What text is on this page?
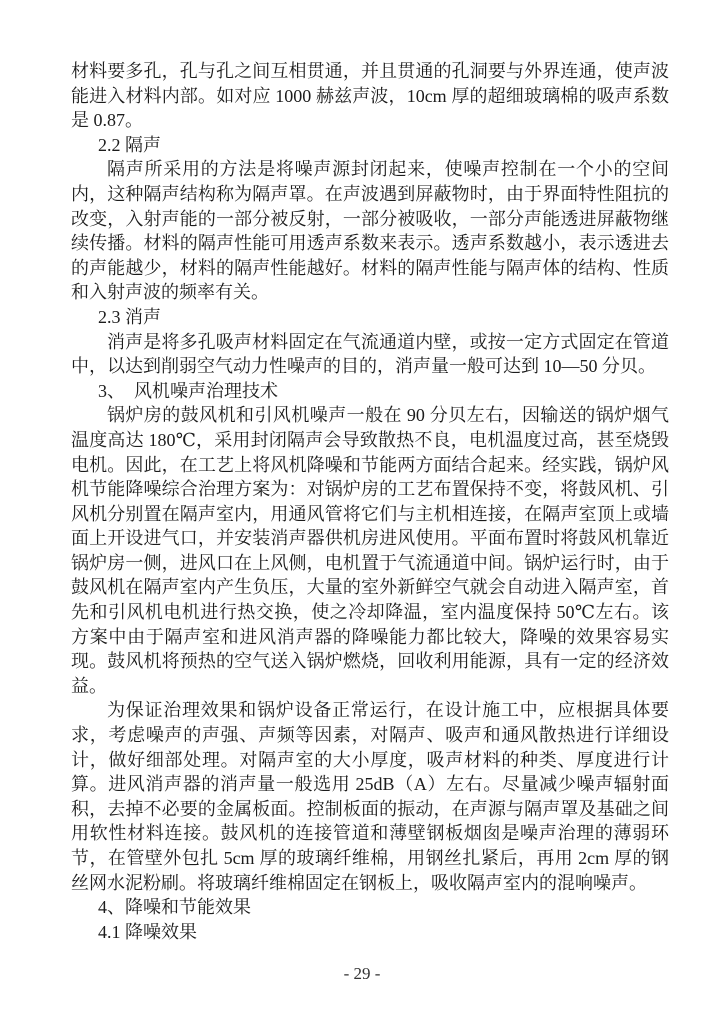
材料要多孔，孔与孔之间互相贯通，并且贯通的孔洞要与外界连通，使声波能进入材料内部。如对应 1000 赫兹声波，10cm 厚的超细玻璃棉的吸声系数是 0.87。
2.2 隔声
隔声所采用的方法是将噪声源封闭起来，使噪声控制在一个小的空间内，这种隔声结构称为隔声罩。在声波遇到屏蔽物时，由于界面特性阻抗的改变，入射声能的一部分被反射，一部分被吸收，一部分声能透进屏蔽物继续传播。材料的隔声性能可用透声系数来表示。透声系数越小，表示透进去的声能越少，材料的隔声性能越好。材料的隔声性能与隔声体的结构、性质和入射声波的频率有关。
2.3 消声
消声是将多孔吸声材料固定在气流通道内壁，或按一定方式固定在管道中，以达到削弱空气动力性噪声的目的，消声量一般可达到 10—50 分贝。
3、　风机噪声治理技术
锅炉房的鼓风机和引风机噪声一般在 90 分贝左右，因输送的锅炉烟气温度高达 180℃，采用封闭隔声会导致散热不良，电机温度过高，甚至烧毁电机。因此，在工艺上将风机降噪和节能两方面结合起来。经实践，锅炉风机节能降噪综合治理方案为：对锅炉房的工艺布置保持不变，将鼓风机、引风机分别置在隔声室内，用通风管将它们与主机相连接，在隔声室顶上或墙面上开设进气口，并安装消声器供机房进风使用。平面布置时将鼓风机靠近锅炉房一侧，进风口在上风侧，电机置于气流通道中间。锅炉运行时，由于鼓风机在隔声室内产生负压，大量的室外新鲜空气就会自动进入隔声室，首先和引风机电机进行热交换，使之冷却降温，室内温度保持 50℃左右。该方案中由于隔声室和进风消声器的降噪能力都比较大，降噪的效果容易实现。鼓风机将预热的空气送入锅炉燃烧，回收利用能源，具有一定的经济效益。
为保证治理效果和锅炉设备正常运行，在设计施工中，应根据具体要求，考虑噪声的声强、声频等因素，对隔声、吸声和通风散热进行详细设计，做好细部处理。对隔声室的大小厚度，吸声材料的种类、厚度进行计算。进风消声器的消声量一般选用 25dB（A）左右。尽量减少噪声辐射面积，去掉不必要的金属板面。控制板面的振动，在声源与隔声罩及基础之间用软性材料连接。鼓风机的连接管道和薄壁钢板烟囱是噪声治理的薄弱环节，在管壁外包扎 5cm 厚的玻璃纤维棉，用钢丝扎紧后，再用 2cm 厚的钢丝网水泥粉刷。将玻璃纤维棉固定在钢板上，吸收隔声室内的混响噪声。
4、降噪和节能效果
4.1 降噪效果
- 29 -
